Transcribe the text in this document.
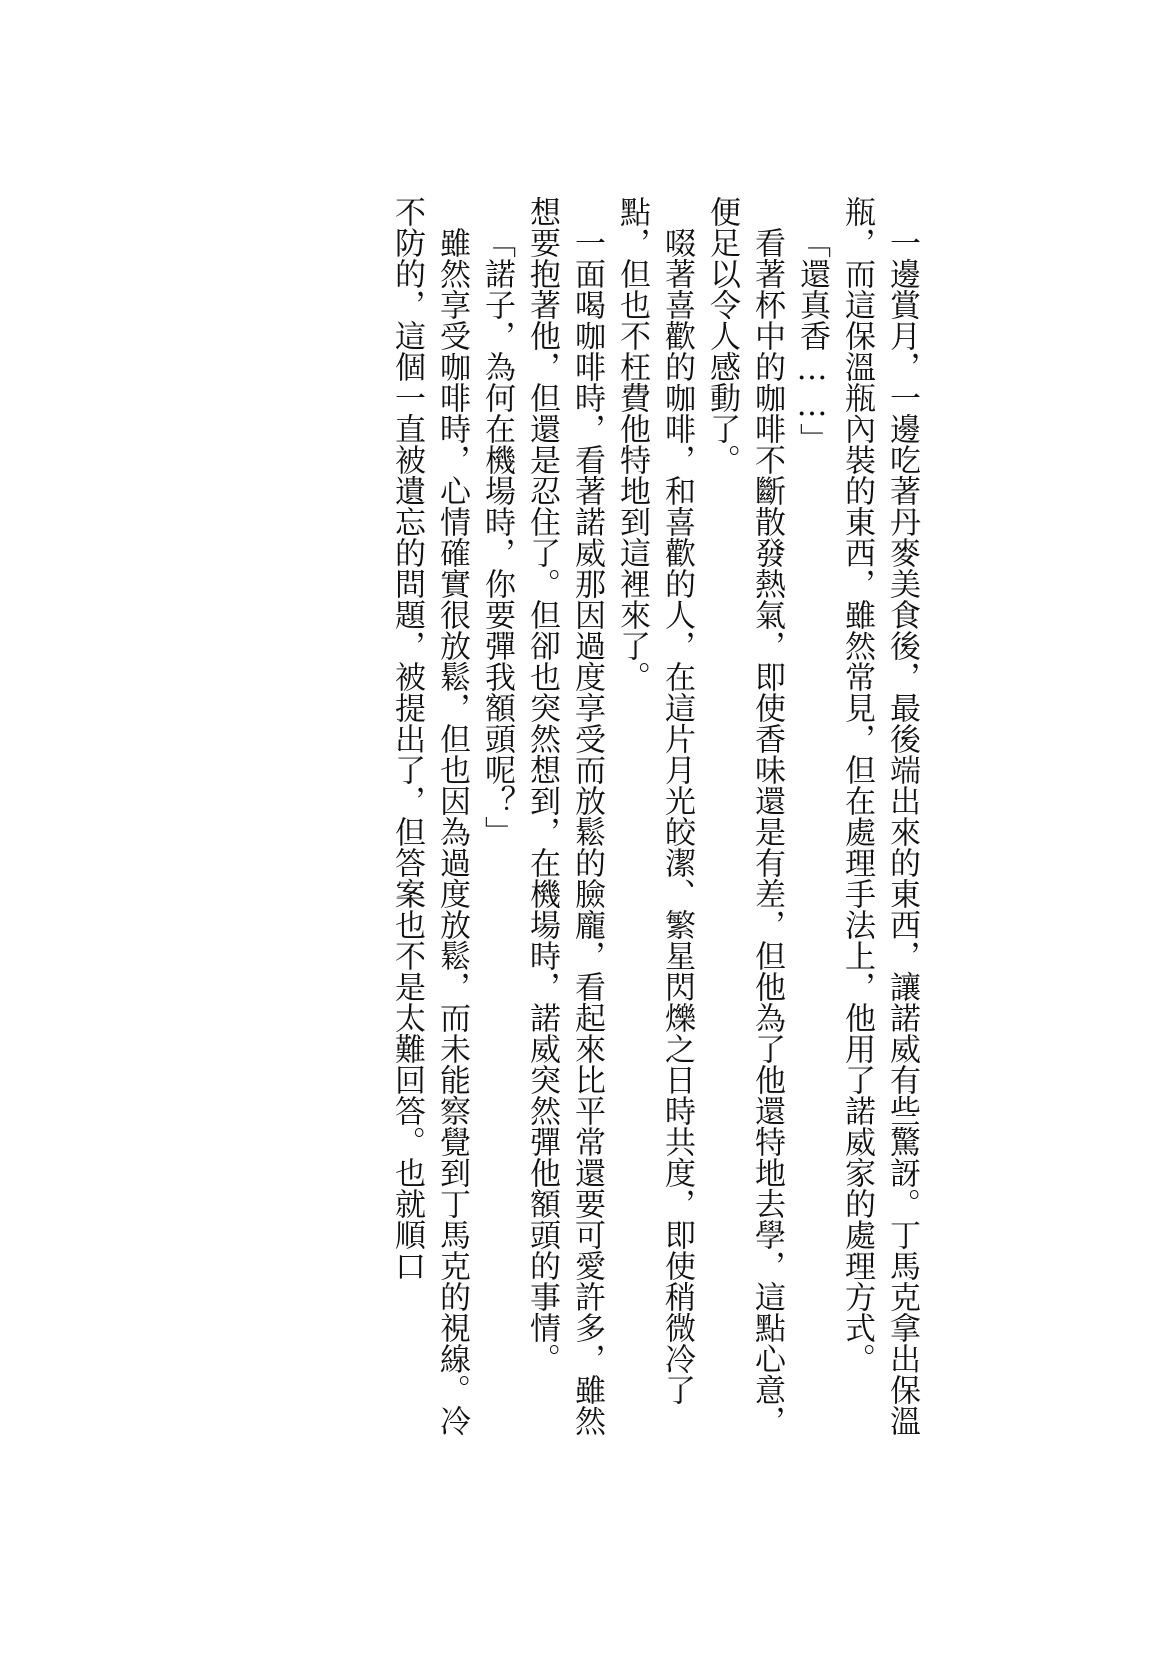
一邊賞月，一邊吃著丹麥美食後，最後端出來的東西，讓諾威有些驚訝。丁馬克拿出保溫瓶，而這保溫瓶內裝的東西，雖然常見，但在處理手法上，他用了諾威家的處理方式。

「還真香……」

看著杯中的咖啡不斷散發熱氣，即使香味還是有差，但他為了他還特地去學，這點心意，便足以令人感動了。

啜著喜歡的咖啡，和喜歡的人，在這片月光皎潔、繁星閃爍之日時共度，即使稍微冷了點，但也不枉費他特地到這裡來了。

一面喝咖啡時，看著諾威那因過度享受而放鬆的臉龐，看起來比平常還要可愛許多，雖然想要抱著他，但還是忍住了。但卻也突然想到，在機場時，諾威突然彈他額頭的事情。

「諾子，為何在機場時，你要彈我額頭呢？」

雖然享受咖啡時，心情確實很放鬆，但也因為過度放鬆，而未能察覺到丁馬克的視線。冷不防的，這個一直被遺忘的問題，被提出了，但答案也不是太難回答。也就順口
